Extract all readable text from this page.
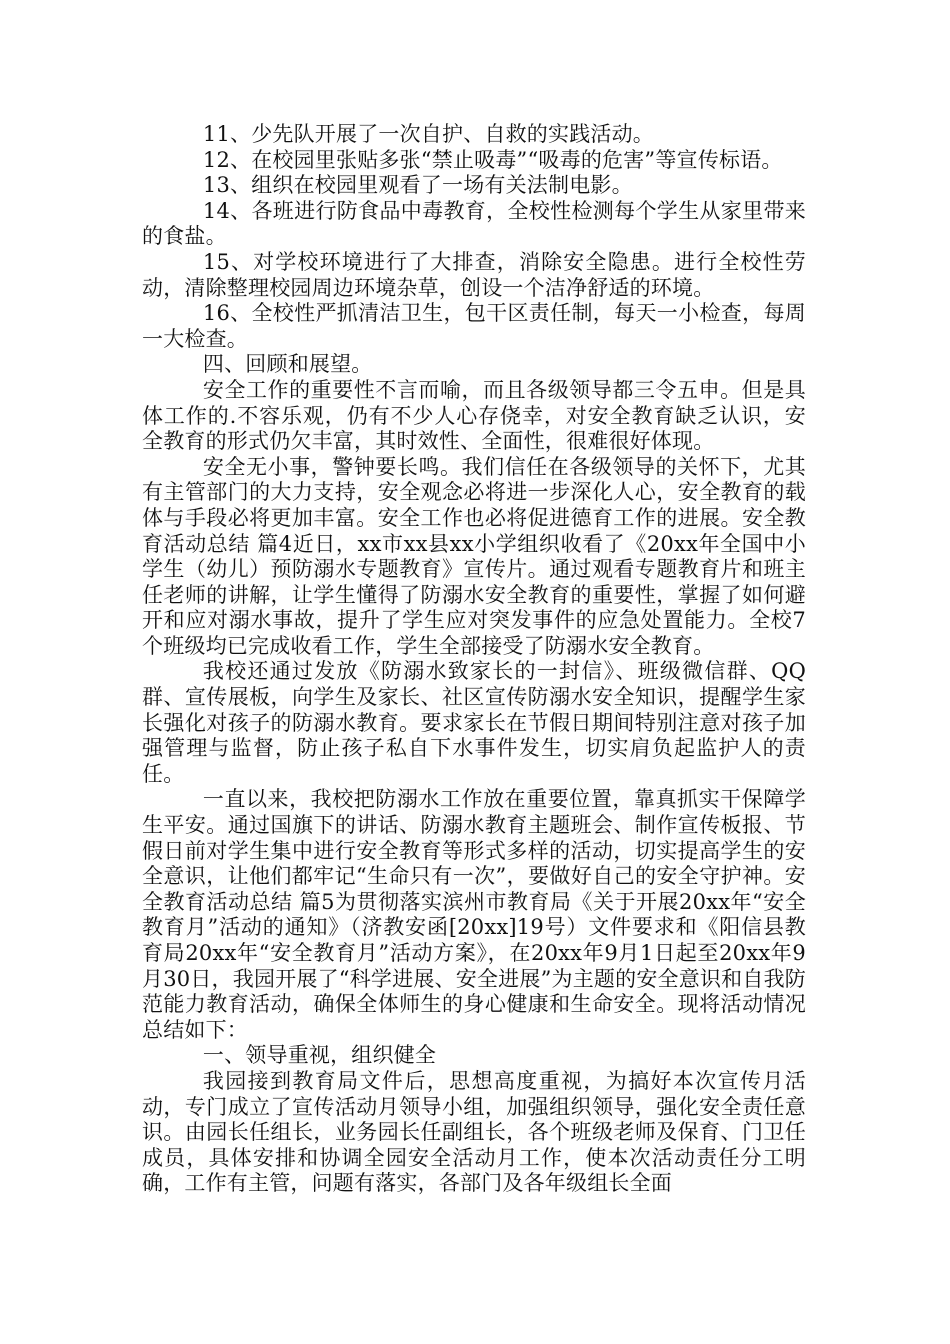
11、少先队开展了一次自护、自救的实践活动。

12、在校园里张贴多张“禁止吸毒”“吸毒的危害”等宣传标语。

13、组织在校园里观看了一场有关法制电影。

14、各班进行防食品中毒教育，全校性检测每个学生从家里带来的食盐。

15、对学校环境进行了大排查，消除安全隐患。进行全校性劳动，清除整理校园周边环境杂草，创设一个洁净舒适的环境。

16、全校性严抓清洁卫生，包干区责任制，每天一小检查，每周一大检查。

四、回顾和展望。

安全工作的重要性不言而喻，而且各级领导都三令五申。但是具体工作的.不容乐观，仍有不少人心存侥幸，对安全教育缺乏认识，安全教育的形式仍欠丰富，其时效性、全面性，很难很好体现。

安全无小事，警钟要长鸣。我们信任在各级领导的关怀下，尤其有主管部门的大力支持，安全观念必将进一步深化人心，安全教育的载体与手段必将更加丰富。安全工作也必将促进德育工作的进展。安全教育活动总结 篇4近日，xx市xx县xx小学组织收看了《20xx年全国中小学生（幼儿）预防溺水专题教育》宣传片。通过观看专题教育片和班主任老师的讲解，让学生懂得了防溺水安全教育的重要性，掌握了如何避开和应对溺水事故，提升了学生应对突发事件的应急处置能力。全校7个班级均已完成收看工作，学生全部接受了防溺水安全教育。

我校还通过发放《防溺水致家长的一封信》、班级微信群、QQ群、宣传展板，向学生及家长、社区宣传防溺水安全知识，提醒学生家长强化对孩子的防溺水教育。要求家长在节假日期间特别注意对孩子加强管理与监督，防止孩子私自下水事件发生，切实肩负起监护人的责任。

一直以来，我校把防溺水工作放在重要位置，靠真抓实干保障学生平安。通过国旗下的讲话、防溺水教育主题班会、制作宣传板报、节假日前对学生集中进行安全教育等形式多样的活动，切实提高学生的安全意识，让他们都牢记“生命只有一次”，要做好自己的安全守护神。安全教育活动总结 篇5为贯彻落实滨州市教育局《关于开展20xx年“安全教育月”活动的通知》（济教安函[20xx]19号）文件要求和《阳信县教育局20xx年“安全教育月”活动方案》，在20xx年9月1日起至20xx年9月30日，我园开展了“科学进展、安全进展”为主题的安全意识和自我防范能力教育活动，确保全体师生的身心健康和生命安全。现将活动情况总结如下：

一、领导重视，组织健全

我园接到教育局文件后，思想高度重视，为搞好本次宣传月活动，专门成立了宣传活动月领导小组，加强组织领导，强化安全责任意识。由园长任组长，业务园长任副组长，各个班级老师及保育、门卫任成员，具体安排和协调全园安全活动月工作，使本次活动责任分工明确，工作有主管，问题有落实，各部门及各年级组长全面
